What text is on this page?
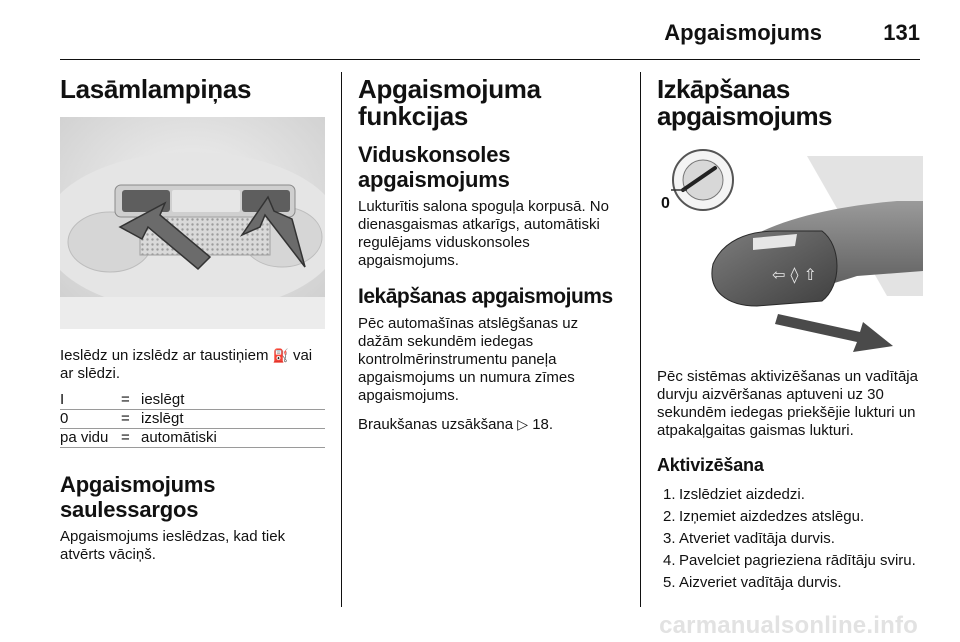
Apgaismojums	131
Lasāmlampiņas

Ieslēdz un izslēdz ar taustiņiem ⛽ vai ar slēdzi.

I	=	ieslēgt
0	=	izslēgt
pa vidu	=	automātiski
Apgaismojums
saulessargos

Apgaismojums ieslēdzas, kad tiek atvērts vāciņš.

Apgaismojuma
funkcijas
Viduskonsoles
apgaismojums

Lukturītis salona spoguļa korpusā. No dienasgaismas atkarīgs, automātiski regulējams viduskonsoles apgaismojums.

Iekāpšanas apgaismojums

Pēc automašīnas atslēgšanas uz dažām sekundēm iedegas kontrolmērinstrumentu paneļa apgaismojums un numura zīmes apgaismojums.

Braukšanas uzsākšana ▷ 18.

Izkāpšanas apgaismojums
⇦ ◊ ⇧
0

Pēc sistēmas aktivizēšanas un vadītāja durvju aizvēršanas aptuveni uz 30 sekundēm iedegas priekšējie lukturi un atpakaļgaitas gaismas lukturi.

Aktivizēšana
1. Izslēdziet aizdedzi.
2. Izņemiet aizdedzes atslēgu.
3. Atveriet vadītāja durvis.
4. Pavelciet pagrieziena rādītāju sviru.
5. Aizveriet vadītāja durvis.
carmanualsonline.info
